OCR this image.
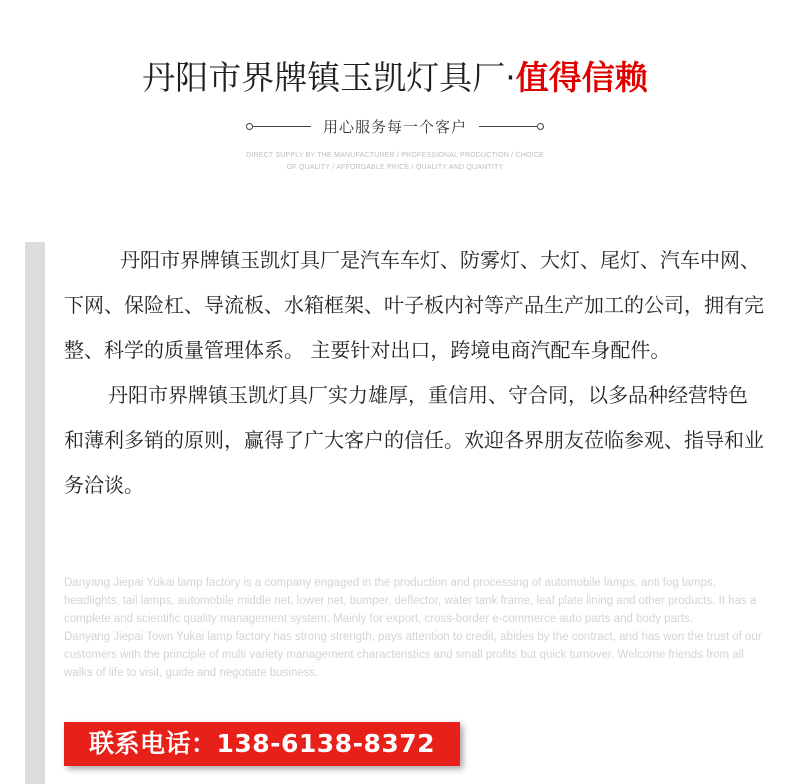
丹阳市界牌镇玉凯灯具厂·值得信赖
用心服务每一个客户
DIRECT SUPPLY BY THE MANUFACTURER / PROFESSIONAL PRODUCTION / CHOICE
OF QUALITY / AFFORDABLE PRICE / QUALITY AND QUANTITY

丹阳市界牌镇玉凯灯具厂是汽车车灯、防雾灯、大灯、尾灯、汽车中网、下网、保险杠、导流板、水箱框架、叶子板内衬等产品生产加工的公司，拥有完整、科学的质量管理体系。 主要针对出口，跨境电商汽配车身配件。

丹阳市界牌镇玉凯灯具厂实力雄厚，重信用、守合同，以多品种经营特色和薄利多销的原则，赢得了广大客户的信任。欢迎各界朋友莅临参观、指导和业务洽谈。

Danyang Jiepai Yukai lamp factory is a company engaged in the production and processing of automobile lamps, anti fog lamps, headlights, tail lamps, automobile middle net, lower net, bumper, deflector, water tank frame, leaf plate lining and other products. It has a complete and scientific quality management system. Mainly for export, cross-border e-commerce auto parts and body parts.

Danyang Jiepai Town Yukai lamp factory has strong strength, pays attention to credit, abides by the contract, and has won the trust of our customers with the principle of multi variety management characteristics and small profits but quick turnover. Welcome friends from all walks of life to visit, guide and negotiate business.

联系电话：138-6138-8372
